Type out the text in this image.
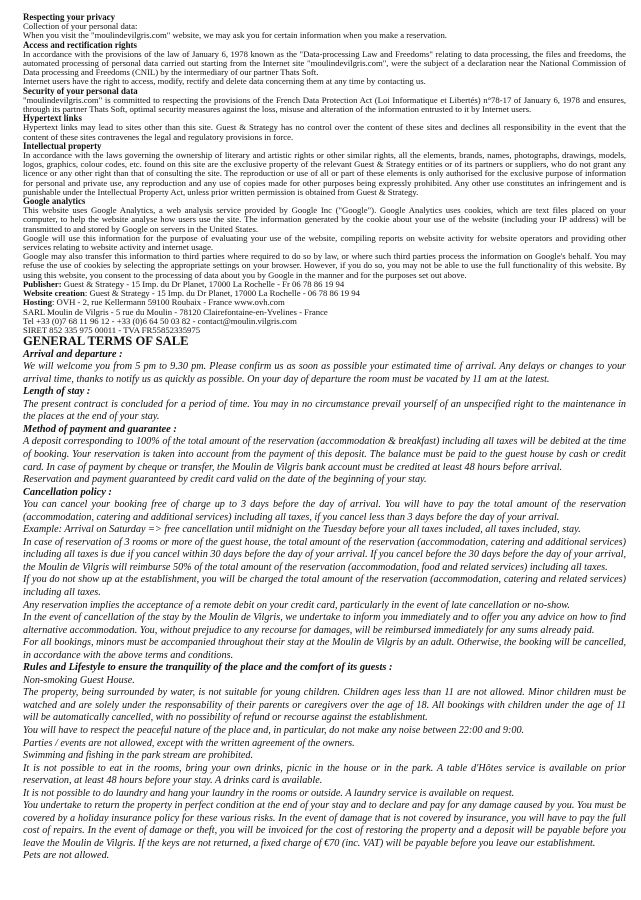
Respecting your privacy

Collection of your personal data:

When you visit the "moulindevilgris.com" website, we may ask you for certain information when you make a reservation.

Access and rectification rights

In accordance with the provisions of the law of January 6, 1978 known as the "Data-processing Law and Freedoms" relating to data processing, the files and freedoms, the automated processing of personal data carried out starting from the Internet site "moulindevilgris.com", were the subject of a declaration near the National Commission of Data processing and Freedoms (CNIL) by the intermediary of our partner Thats Soft.

Internet users have the right to access, modify, rectify and delete data concerning them at any time by contacting us.

Security of your personal data

"moulindevilgris.com" is committed to respecting the provisions of the French Data Protection Act (Loi Informatique et Libertés) n°78-17 of January 6, 1978 and ensures, through its partner Thats Soft, optimal security measures against the loss, misuse and alteration of the information entrusted to it by Internet users.

Hypertext links

Hypertext links may lead to sites other than this site. Guest & Strategy has no control over the content of these sites and declines all responsibility in the event that the content of these sites contravenes the legal and regulatory provisions in force.

Intellectual property

In accordance with the laws governing the ownership of literary and artistic rights or other similar rights, all the elements, brands, names, photographs, drawings, models, logos, graphics, colour codes, etc. found on this site are the exclusive property of the relevant Guest & Strategy entities or of its partners or suppliers, who do not grant any licence or any other right than that of consulting the site. The reproduction or use of all or part of these elements is only authorised for the exclusive purpose of information for personal and private use, any reproduction and any use of copies made for other purposes being expressly prohibited. Any other use constitutes an infringement and is punishable under the Intellectual Property Act, unless prior written permission is obtained from Guest & Strategy.

Google analytics

This website uses Google Analytics, a web analysis service provided by Google Inc ("Google"). Google Analytics uses cookies, which are text files placed on your computer, to help the website analyse how users use the site. The information generated by the cookie about your use of the website (including your IP address) will be transmitted to and stored by Google on servers in the United States.

Google will use this information for the purpose of evaluating your use of the website, compiling reports on website activity for website operators and providing other services relating to website activity and internet usage.

Google may also transfer this information to third parties where required to do so by law, or where such third parties process the information on Google's behalf. You may refuse the use of cookies by selecting the appropriate settings on your browser. However, if you do so, you may not be able to use the full functionality of this website. By using this website, you consent to the processing of data about you by Google in the manner and for the purposes set out above.

Publisher: Guest & Strategy - 15 Imp. du Dr Planet, 17000 La Rochelle - Fr 06 78 86 19 94

Website creation: Guest & Strategy - 15 Imp. du Dr Planet, 17000 La Rochelle - 06 78 86 19 94

Hosting: OVH - 2, rue Kellermann 59100 Roubaix - France www.ovh.com

SARL Moulin de Vilgris - 5 rue du Moulin - 78120 Clairefontaine-en-Yvelines - France

Tel +33 (0)7 68 11 96 12 - +33 (0)6 64 50 03 82 - contact@moulin.vilgris.com

SIRET 852 335 975 00011 - TVA FR55852335975

GENERAL TERMS OF SALE
Arrival and departure :

We will welcome you from 5 pm to 9.30 pm. Please confirm us as soon as possible your estimated time of arrival. Any delays or changes to your arrival time, thanks to notify us as quickly as possible. On your day of departure the room must be vacated by 11 am at the latest.

Length of stay :

The present contract is concluded for a period of time. You may in no circumstance prevail yourself of an unspecified right to the maintenance in the places at the end of your stay.

Method of payment and guarantee :

A deposit corresponding to 100% of the total amount of the reservation (accommodation & breakfast) including all taxes will be debited at the time of booking. Your reservation is taken into account from the payment of this deposit. The balance must be paid to the guest house by cash or credit card. In case of payment by cheque or transfer, the Moulin de Vilgris bank account must be credited at least 48 hours before arrival.

Reservation and payment guaranteed by credit card valid on the date of the beginning of your stay.

Cancellation policy :

You can cancel your booking free of charge up to 3 days before the day of arrival. You will have to pay the total amount of the reservation (accommodation, catering and additional services) including all taxes, if you cancel less than 3 days before the day of your arrival.

Example: Arrival on Saturday => free cancellation until midnight on the Tuesday before your all taxes included, all taxes included, stay.

In case of reservation of 3 rooms or more of the guest house, the total amount of the reservation (accommodation, catering and additional services) including all taxes is due if you cancel within 30 days before the day of your arrival. If you cancel before the 30 days before the day of your arrival, the Moulin de Vilgris will reimburse 50% of the total amount of the reservation (accommodation, food and related services) including all taxes.

If you do not show up at the establishment, you will be charged the total amount of the reservation (accommodation, catering and related services) including all taxes.

Any reservation implies the acceptance of a remote debit on your credit card, particularly in the event of late cancellation or no-show.

In the event of cancellation of the stay by the Moulin de Vilgris, we undertake to inform you immediately and to offer you any advice on how to find alternative accommodation. You, without prejudice to any recourse for damages, will be reimbursed immediately for any sums already paid.

For all bookings, minors must be accompanied throughout their stay at the Moulin de Vilgris by an adult. Otherwise, the booking will be cancelled, in accordance with the above terms and conditions.

Rules and Lifestyle to ensure the tranquility of the place and the comfort of its guests :

Non-smoking Guest House.

The property, being surrounded by water, is not suitable for young children. Children ages less than 11 are not allowed. Minor children must be watched and are solely under the responsability of their parents or caregivers over the age of 18. All bookings with children under the age of 11 will be automatically cancelled, with no possibility of refund or recourse against the establishment.

You will have to respect the peaceful nature of the place and, in particular, do not make any noise between 22:00 and 9:00.

Parties / events are not allowed, except with the written agreement of the owners.

Swimming and fishing in the park stream are prohibited.

It is not possible to eat in the rooms, bring your own drinks, picnic in the house or in the park. A table d'Hôtes service is available on prior reservation, at least 48 hours before your stay. A drinks card is available.

It is not possible to do laundry and hang your laundry in the rooms or outside. A laundry service is available on request.

You undertake to return the property in perfect condition at the end of your stay and to declare and pay for any damage caused by you. You must be covered by a holiday insurance policy for these various risks. In the event of damage that is not covered by insurance, you will have to pay the full cost of repairs. In the event of damage or theft, you will be invoiced for the cost of restoring the property and a deposit will be payable before you leave the Moulin de Vilgris. If the keys are not returned, a fixed charge of €70 (inc. VAT) will be payable before you leave our establishment.

Pets are not allowed.
